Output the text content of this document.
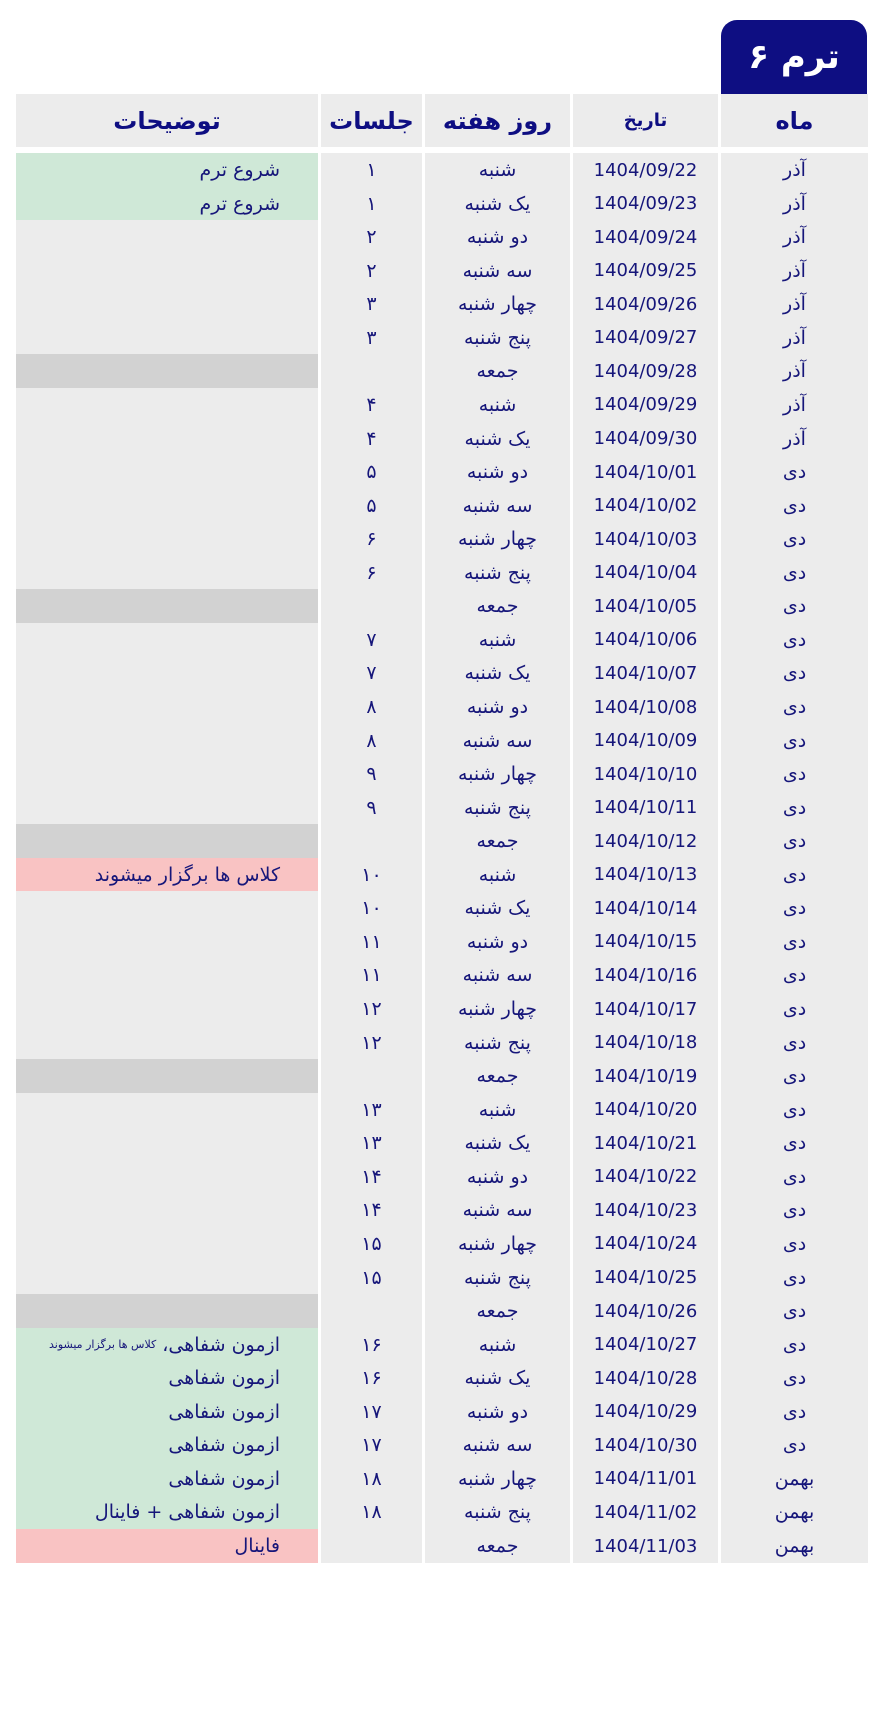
ترم ۶
ماه
تاریخ
روز هفته
جلسات
توضیحات
آذر
1404/09/22
شنبه
۱
شروع ترم
آذر
1404/09/23
یک شنبه
۱
شروع ترم
آذر
1404/09/24
دو شنبه
۲
آذر
1404/09/25
سه شنبه
۲
آذر
1404/09/26
چهار شنبه
۳
آذر
1404/09/27
پنج شنبه
۳
آذر
1404/09/28
جمعه
آذر
1404/09/29
شنبه
۴
آذر
1404/09/30
یک شنبه
۴
دی
1404/10/01
دو شنبه
۵
دی
1404/10/02
سه شنبه
۵
دی
1404/10/03
چهار شنبه
۶
دی
1404/10/04
پنج شنبه
۶
دی
1404/10/05
جمعه
دی
1404/10/06
شنبه
۷
دی
1404/10/07
یک شنبه
۷
دی
1404/10/08
دو شنبه
۸
دی
1404/10/09
سه شنبه
۸
دی
1404/10/10
چهار شنبه
۹
دی
1404/10/11
پنج شنبه
۹
دی
1404/10/12
جمعه
دی
1404/10/13
شنبه
۱۰
کلاس ها برگزار میشوند
دی
1404/10/14
یک شنبه
۱۰
دی
1404/10/15
دو شنبه
۱۱
دی
1404/10/16
سه شنبه
۱۱
دی
1404/10/17
چهار شنبه
۱۲
دی
1404/10/18
پنج شنبه
۱۲
دی
1404/10/19
جمعه
دی
1404/10/20
شنبه
۱۳
دی
1404/10/21
یک شنبه
۱۳
دی
1404/10/22
دو شنبه
۱۴
دی
1404/10/23
سه شنبه
۱۴
دی
1404/10/24
چهار شنبه
۱۵
دی
1404/10/25
پنج شنبه
۱۵
دی
1404/10/26
جمعه
دی
1404/10/27
شنبه
۱۶
ازمون شفاهی،
کلاس ها برگزار میشوند
دی
1404/10/28
یک شنبه
۱۶
ازمون شفاهی
دی
1404/10/29
دو شنبه
۱۷
ازمون شفاهی
دی
1404/10/30
سه شنبه
۱۷
ازمون شفاهی
بهمن
1404/11/01
چهار شنبه
۱۸
ازمون شفاهی
بهمن
1404/11/02
پنج شنبه
۱۸
ازمون شفاهی + فاینال
بهمن
1404/11/03
جمعه
فاینال
